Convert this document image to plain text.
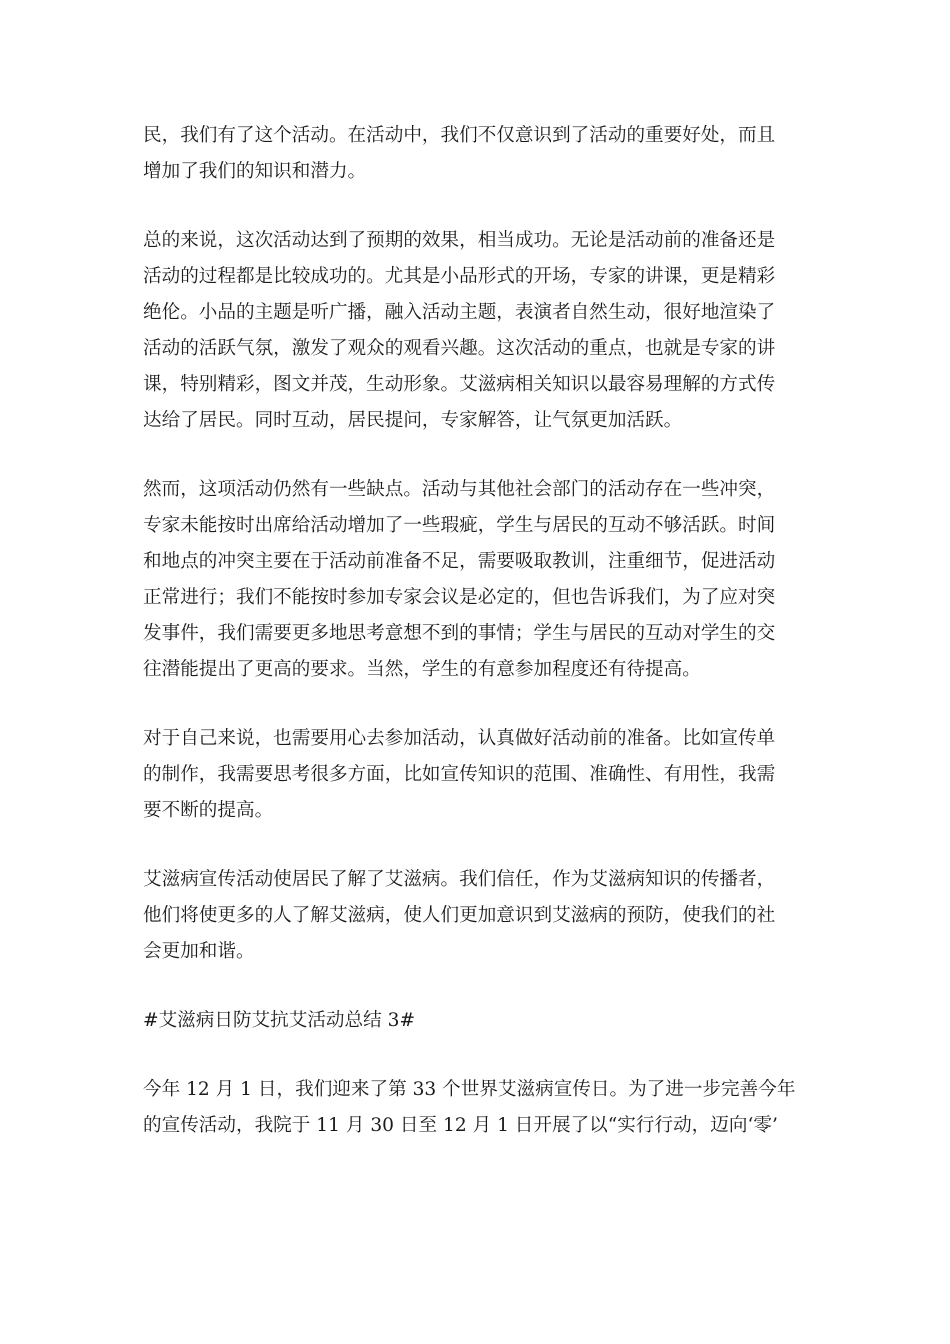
民，我们有了这个活动。在活动中，我们不仅意识到了活动的重要好处，而且
增加了我们的知识和潜力。
总的来说，这次活动达到了预期的效果，相当成功。无论是活动前的准备还是
活动的过程都是比较成功的。尤其是小品形式的开场，专家的讲课，更是精彩
绝伦。小品的主题是听广播，融入活动主题，表演者自然生动，很好地渲染了
活动的活跃气氛，激发了观众的观看兴趣。这次活动的重点，也就是专家的讲
课，特别精彩，图文并茂，生动形象。艾滋病相关知识以最容易理解的方式传
达给了居民。同时互动，居民提问，专家解答，让气氛更加活跃。
然而，这项活动仍然有一些缺点。活动与其他社会部门的活动存在一些冲突，
专家未能按时出席给活动增加了一些瑕疵，学生与居民的互动不够活跃。时间
和地点的冲突主要在于活动前准备不足，需要吸取教训，注重细节，促进活动
正常进行；我们不能按时参加专家会议是必定的，但也告诉我们，为了应对突
发事件，我们需要更多地思考意想不到的事情；学生与居民的互动对学生的交
往潜能提出了更高的要求。当然，学生的有意参加程度还有待提高。
对于自己来说，也需要用心去参加活动，认真做好活动前的准备。比如宣传单
的制作，我需要思考很多方面，比如宣传知识的范围、准确性、有用性，我需
要不断的提高。
艾滋病宣传活动使居民了解了艾滋病。我们信任，作为艾滋病知识的传播者，
他们将使更多的人了解艾滋病，使人们更加意识到艾滋病的预防，使我们的社
会更加和谐。
#艾滋病日防艾抗艾活动总结 3#
今年 12 月 1 日，我们迎来了第 33 个世界艾滋病宣传日。为了进一步完善今年
的宣传活动，我院于 11 月 30 日至 12 月 1 日开展了以“实行行动，迈向‘零’
